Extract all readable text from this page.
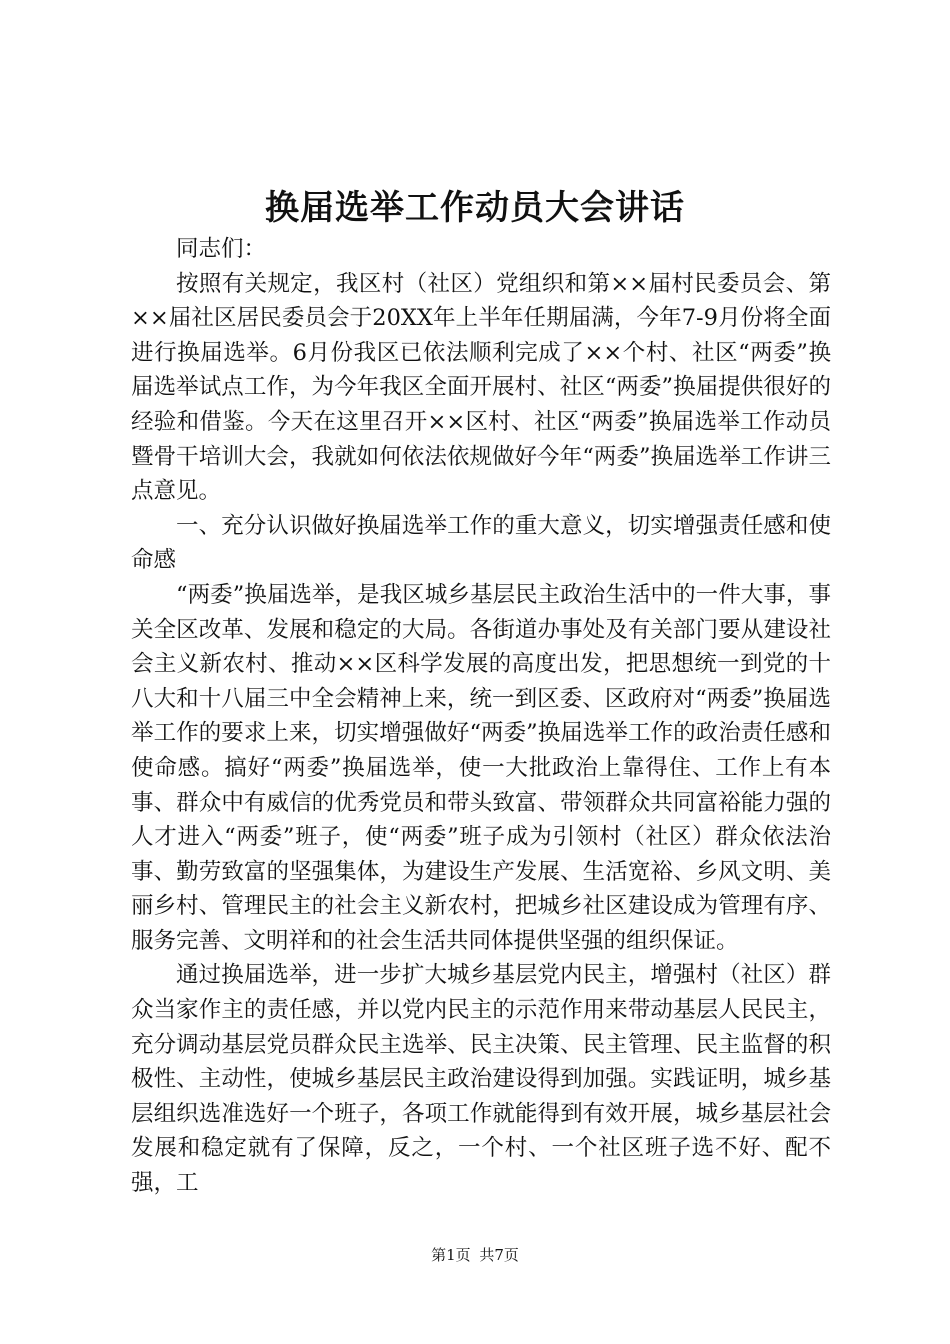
换届选举工作动员大会讲话

同志们：

按照有关规定，我区村（社区）党组织和第××届村民委员会、第××届社区居民委员会于20XX年上半年任期届满，今年7-9月份将全面进行换届选举。6月份我区已依法顺利完成了××个村、社区“两委”换届选举试点工作，为今年我区全面开展村、社区“两委”换届提供很好的经验和借鉴。今天在这里召开××区村、社区“两委”换届选举工作动员暨骨干培训大会，我就如何依法依规做好今年“两委”换届选举工作讲三点意见。

一、充分认识做好换届选举工作的重大意义，切实增强责任感和使命感

“两委”换届选举，是我区城乡基层民主政治生活中的一件大事，事关全区改革、发展和稳定的大局。各街道办事处及有关部门要从建设社会主义新农村、推动××区科学发展的高度出发，把思想统一到党的十八大和十八届三中全会精神上来，统一到区委、区政府对“两委”换届选举工作的要求上来，切实增强做好“两委”换届选举工作的政治责任感和使命感。搞好“两委”换届选举，使一大批政治上靠得住、工作上有本事、群众中有威信的优秀党员和带头致富、带领群众共同富裕能力强的人才进入“两委”班子，使“两委”班子成为引领村（社区）群众依法治事、勤劳致富的坚强集体，为建设生产发展、生活宽裕、乡风文明、美丽乡村、管理民主的社会主义新农村，把城乡社区建设成为管理有序、服务完善、文明祥和的社会生活共同体提供坚强的组织保证。

通过换届选举，进一步扩大城乡基层党内民主，增强村（社区）群众当家作主的责任感，并以党内民主的示范作用来带动基层人民民主，充分调动基层党员群众民主选举、民主决策、民主管理、民主监督的积极性、主动性，使城乡基层民主政治建设得到加强。实践证明，城乡基层组织选准选好一个班子，各项工作就能得到有效开展，城乡基层社会发展和稳定就有了保障，反之，一个村、一个社区班子选不好、配不强，工

第1页 共7页
